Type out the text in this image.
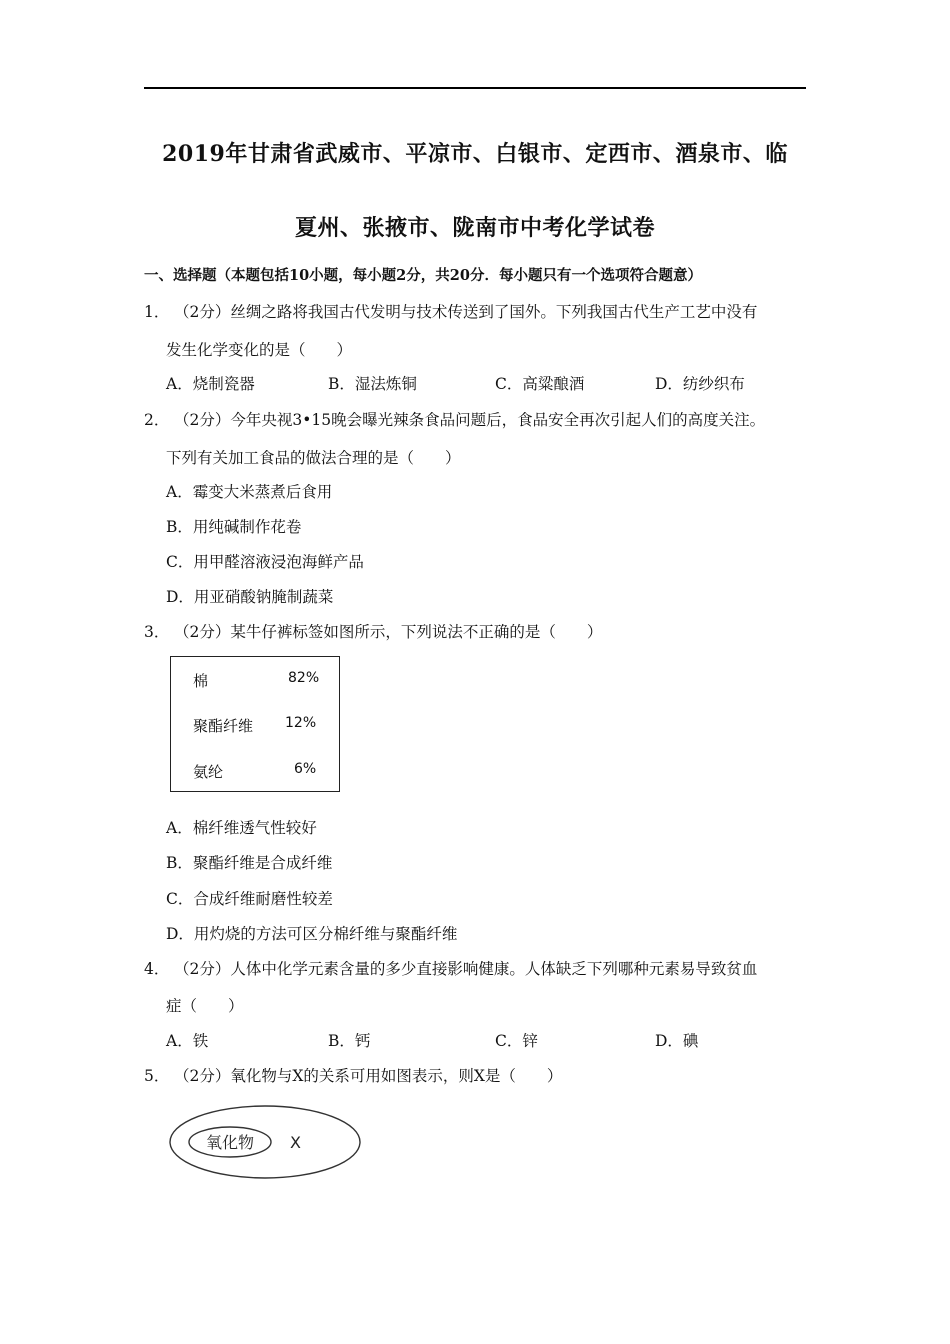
2019年甘肃省武威市、平凉市、白银市、定西市、酒泉市、临
夏州、张掖市、陇南市中考化学试卷
一、选择题（本题包括10小题，每小题2分，共20分．每小题只有一个选项符合题意）
1． （2分）丝绸之路将我国古代发明与技术传送到了国外。下列我国古代生产工艺中没有
发生化学变化的是（　　）
A．烧制瓷器	B．湿法炼铜	C．高粱酿酒	D．纺纱织布
2． （2分）今年央视3•15晚会曝光辣条食品问题后，食品安全再次引起人们的高度关注。
下列有关加工食品的做法合理的是（　　）
A．霉变大米蒸煮后食用
B．用纯碱制作花卷
C．用甲醛溶液浸泡海鲜产品
D．用亚硝酸钠腌制蔬菜
3． （2分）某牛仔裤标签如图所示，下列说法不正确的是（　　）
棉	82%
聚酯纤维 12%
氨纶	6%
A．棉纤维透气性较好
B．聚酯纤维是合成纤维
C．合成纤维耐磨性较差
D．用灼烧的方法可区分棉纤维与聚酯纤维
4． （2分）人体中化学元素含量的多少直接影响健康。人体缺乏下列哪种元素易导致贫血
症（　　）
A．铁	B．钙	C．锌	D．碘
5． （2分）氧化物与X的关系可用如图表示，则X是（　　）
氧化物 X
